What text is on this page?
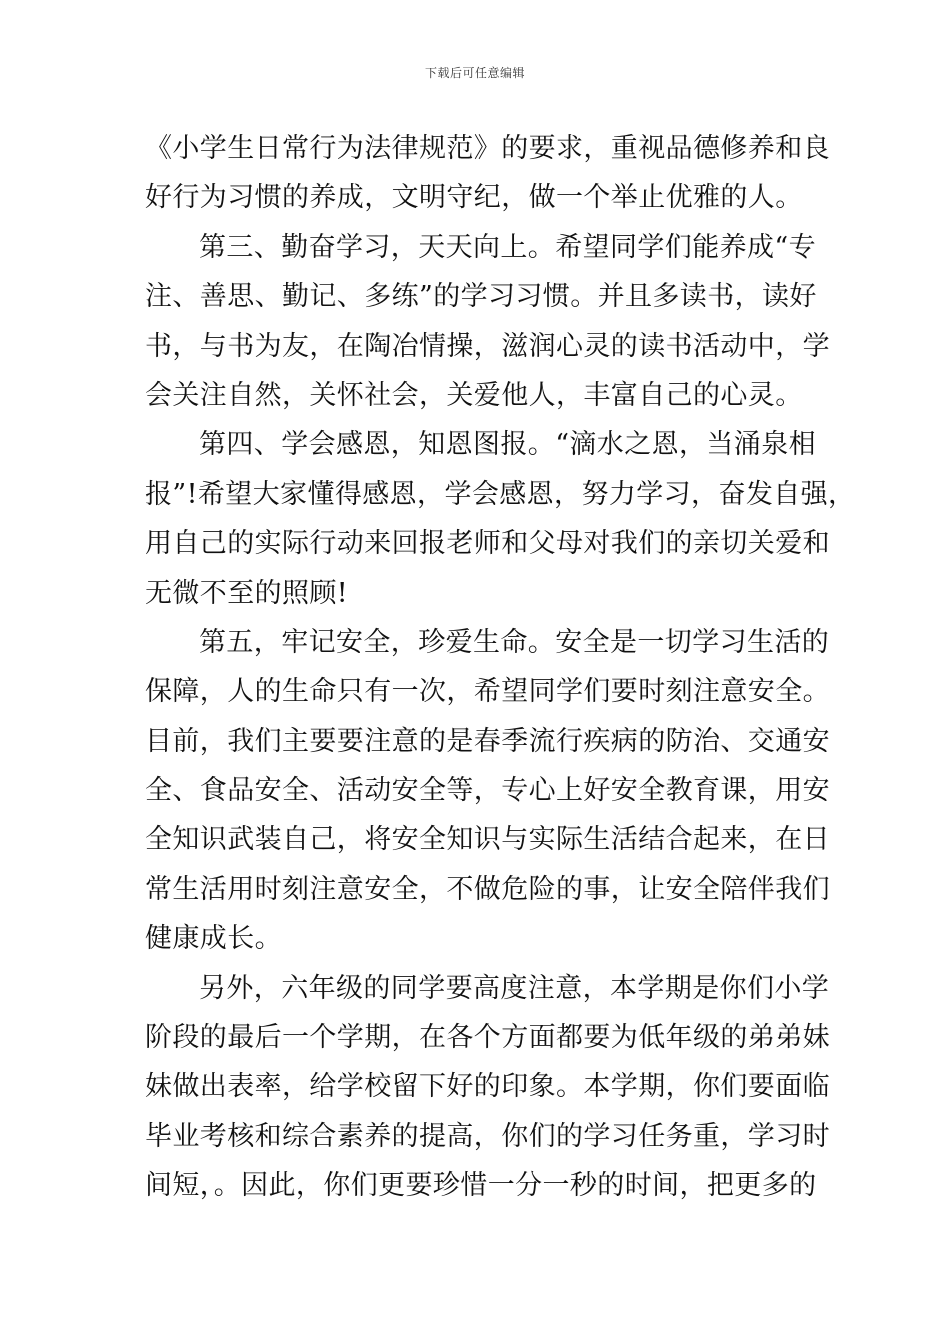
下载后可任意编辑
《小学生日常行为法律规范》的要求，重视品德修养和良
好行为习惯的养成，文明守纪，做一个举止优雅的人。
第三、勤奋学习，天天向上。希望同学们能养成“专
注、善思、勤记、多练”的学习习惯。并且多读书，读好
书，与书为友，在陶冶情操，滋润心灵的读书活动中，学
会关注自然，关怀社会，关爱他人，丰富自己的心灵。
第四、学会感恩，知恩图报。“滴水之恩，当涌泉相
报”!希望大家懂得感恩，学会感恩，努力学习，奋发自强，
用自己的实际行动来回报老师和父母对我们的亲切关爱和
无微不至的照顾!
第五，牢记安全，珍爱生命。安全是一切学习生活的
保障，人的生命只有一次，希望同学们要时刻注意安全。
目前，我们主要要注意的是春季流行疾病的防治、交通安
全、食品安全、活动安全等，专心上好安全教育课，用安
全知识武装自己，将安全知识与实际生活结合起来，在日
常生活用时刻注意安全，不做危险的事，让安全陪伴我们
健康成长。
另外，六年级的同学要高度注意，本学期是你们小学
阶段的最后一个学期，在各个方面都要为低年级的弟弟妹
妹做出表率，给学校留下好的印象。本学期，你们要面临
毕业考核和综合素养的提高，你们的学习任务重，学习时
间短，。因此，你们更要珍惜一分一秒的时间，把更多的
